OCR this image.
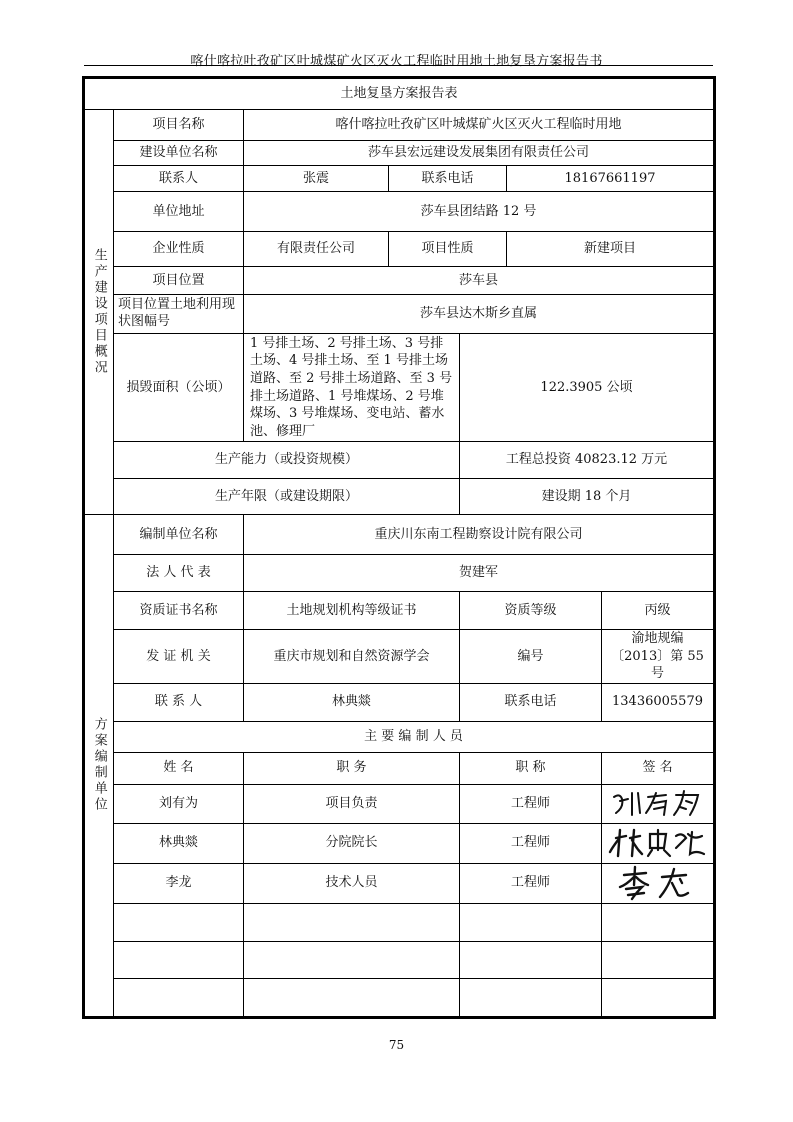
喀什喀拉吐孜矿区叶城煤矿火区灭火工程临时用地土地复垦方案报告书
土地复垦方案报告表						
生产建设项目概况	项目名称	喀什喀拉吐孜矿区叶城煤矿火区灭火工程临时用地				
	建设单位名称	莎车县宏远建设发展集团有限责任公司				
	联系人	张震	联系电话		18167661197	
	单位地址	莎车县团结路 12 号				
	企业性质	有限责任公司	项目性质		新建项目	
	项目位置	莎车县				
	项目位置土地利用现状图幅号	莎车县达木斯乡直属				
	损毁面积（公顷）	1 号排土场、2 号排土场、3 号排土场、4 号排土场、至 1 号排土场道路、至 2 号排土场道路、至 3 号排土场道路、1 号堆煤场、2 号堆煤场、3 号堆煤场、变电站、蓄水池、修理厂		122.3905 公顷		
	生产能力（或投资规模）			工程总投资 40823.12 万元		
	生产年限（或建设期限）			建设期 18 个月		

方案编制单位	编制单位名称	重庆川东南工程勘察设计院有限公司				
	法 人 代 表	贺建军				
	资质证书名称	土地规划机构等级证书		资质等级		丙级
	发 证 机 关	重庆市规划和自然资源学会		编号		渝地规编〔2013〕第 55 号
	联 系 人	林典燚		联系电话		13436005579
	主 要 编 制 人 员					
	姓 名	职 务		职 称		签 名
	刘有为	项目负责		工程师	

	林典燚	分院院长		工程师	

	李龙	技术人员		工程师	

75
